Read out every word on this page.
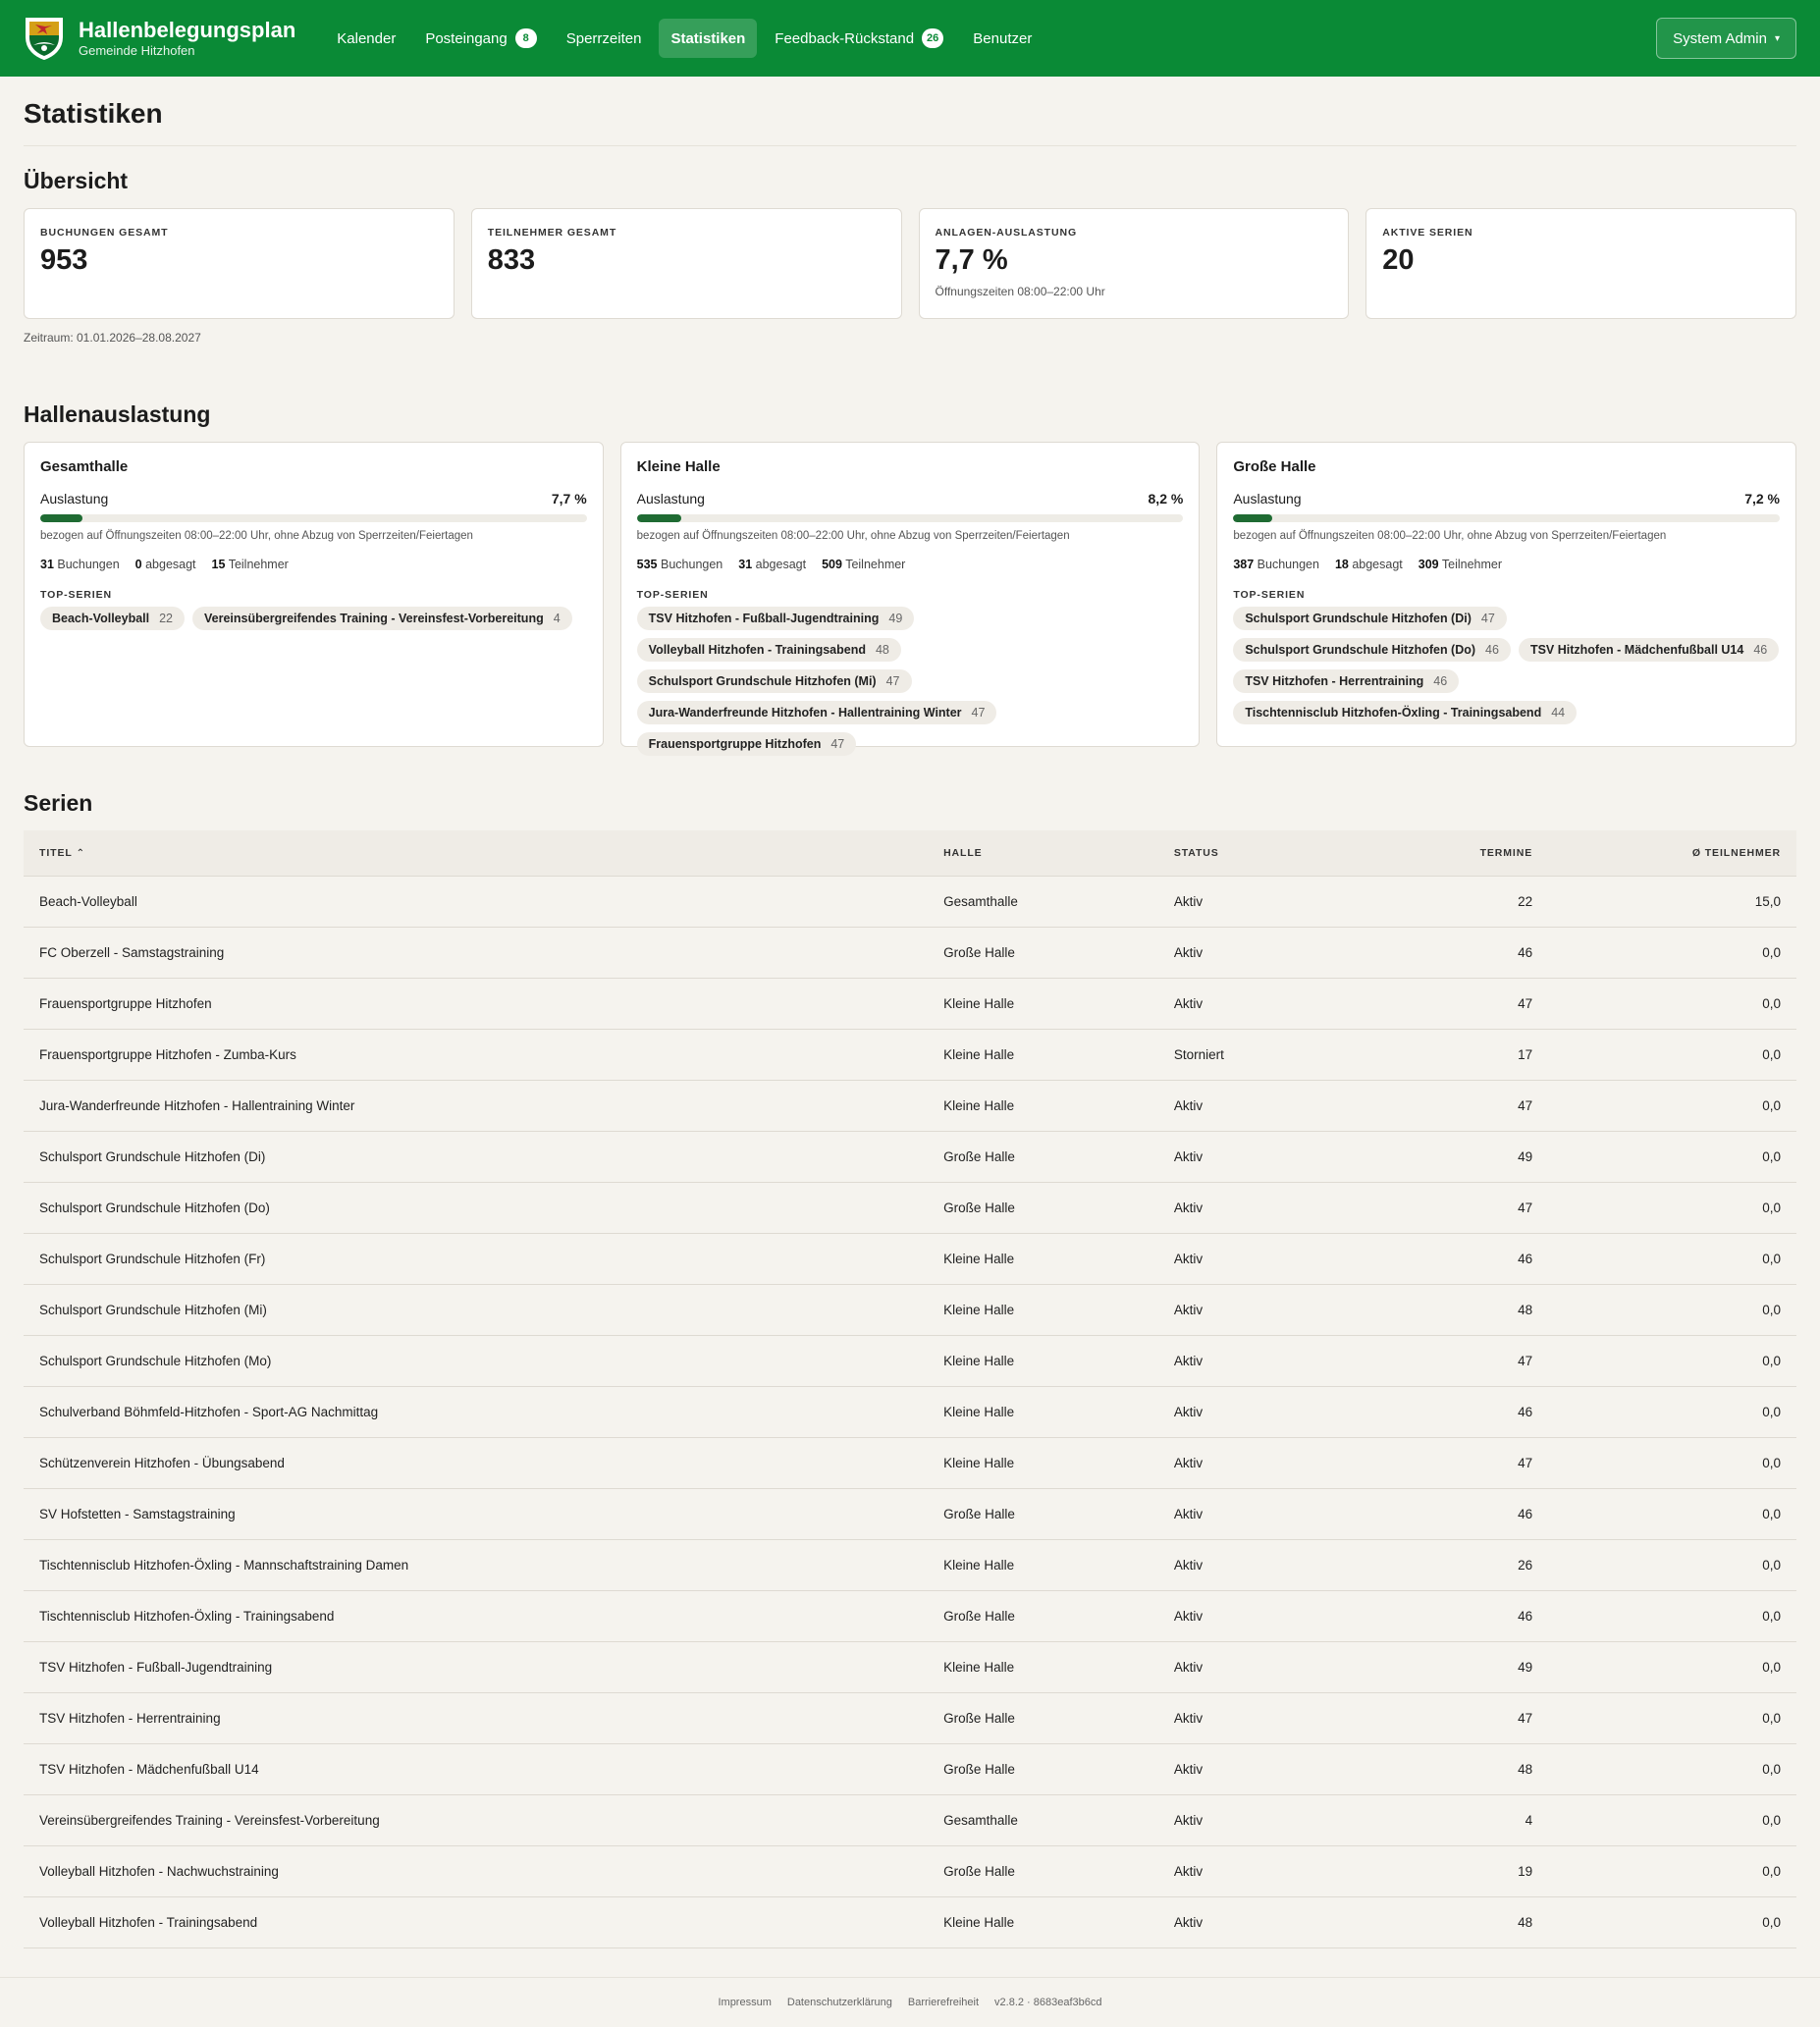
Hallenbelegungsplan
Gemeinde Hitzhofen
Kalender Posteingang	8	Sperrzeiten Statistiken Feedback-Rückstand	26	Benutzer	System Admin ▾
Statistiken
Übersicht
BUCHUNGEN GESAMT
953
TEILNEHMER GESAMT
833
ANLAGEN-AUSLASTUNG
7,7 %
Öffnungszeiten 08:00–22:00 Uhr
AKTIVE SERIEN
20
Zeitraum: 01.01.2026–28.08.2027
Hallenauslastung
Gesamthalle
Auslastung	7,7 %
bezogen auf Öffnungszeiten 08:00–22:00 Uhr, ohne Abzug von Sperrzeiten/Feiertagen
31 Buchungen 0 abgesagt 15 Teilnehmer
TOP-SERIEN
Beach-Volleyball 22	Vereinsübergreifendes Training - Vereinsfest-Vorbereitung 4
Kleine Halle
Auslastung	8,2 %
bezogen auf Öffnungszeiten 08:00–22:00 Uhr, ohne Abzug von Sperrzeiten/Feiertagen
535 Buchungen 31 abgesagt 509 Teilnehmer
TOP-SERIEN
TSV Hitzhofen - Fußball-Jugendtraining 49
Volleyball Hitzhofen - Trainingsabend 48
Schulsport Grundschule Hitzhofen (Mi) 47
Jura-Wanderfreunde Hitzhofen - Hallentraining Winter 47
Frauensportgruppe Hitzhofen 47
Große Halle
Auslastung	7,2 %
bezogen auf Öffnungszeiten 08:00–22:00 Uhr, ohne Abzug von Sperrzeiten/Feiertagen
387 Buchungen 18 abgesagt 309 Teilnehmer
TOP-SERIEN
Schulsport Grundschule Hitzhofen (Di) 47
Schulsport Grundschule Hitzhofen (Do) 46	TSV Hitzhofen - Mädchenfußball U14 46
TSV Hitzhofen - Herrentraining 46
Tischtennisclub Hitzhofen-Öxling - Trainingsabend 44
Serien
TITEL ⌃	HALLE	STATUS	TERMINE	Ø TEILNEHMER
Beach-Volleyball	Gesamthalle	Aktiv	22	15,0
FC Oberzell - Samstagstraining	Große Halle	Aktiv	46	0,0
Frauensportgruppe Hitzhofen	Kleine Halle	Aktiv	47	0,0
Frauensportgruppe Hitzhofen - Zumba-Kurs	Kleine Halle	Storniert	17	0,0
Jura-Wanderfreunde Hitzhofen - Hallentraining Winter	Kleine Halle	Aktiv	47	0,0
Schulsport Grundschule Hitzhofen (Di)	Große Halle	Aktiv	49	0,0
Schulsport Grundschule Hitzhofen (Do)	Große Halle	Aktiv	47	0,0
Schulsport Grundschule Hitzhofen (Fr)	Kleine Halle	Aktiv	46	0,0
Schulsport Grundschule Hitzhofen (Mi)	Kleine Halle	Aktiv	48	0,0
Schulsport Grundschule Hitzhofen (Mo)	Kleine Halle	Aktiv	47	0,0
Schulverband Böhmfeld-Hitzhofen - Sport-AG Nachmittag	Kleine Halle	Aktiv	46	0,0
Schützenverein Hitzhofen - Übungsabend	Kleine Halle	Aktiv	47	0,0
SV Hofstetten - Samstagstraining	Große Halle	Aktiv	46	0,0
Tischtennisclub Hitzhofen-Öxling - Mannschaftstraining Damen	Kleine Halle	Aktiv	26	0,0
Tischtennisclub Hitzhofen-Öxling - Trainingsabend	Große Halle	Aktiv	46	0,0
TSV Hitzhofen - Fußball-Jugendtraining	Kleine Halle	Aktiv	49	0,0
TSV Hitzhofen - Herrentraining	Große Halle	Aktiv	47	0,0
TSV Hitzhofen - Mädchenfußball U14	Große Halle	Aktiv	48	0,0
Vereinsübergreifendes Training - Vereinsfest-Vorbereitung	Gesamthalle	Aktiv	4	0,0
Volleyball Hitzhofen - Nachwuchstraining	Große Halle	Aktiv	19	0,0
Volleyball Hitzhofen - Trainingsabend	Kleine Halle	Aktiv	48	0,0
Impressum Datenschutzerklärung Barrierefreiheit v2.8.2 · 8683eaf3b6cd
